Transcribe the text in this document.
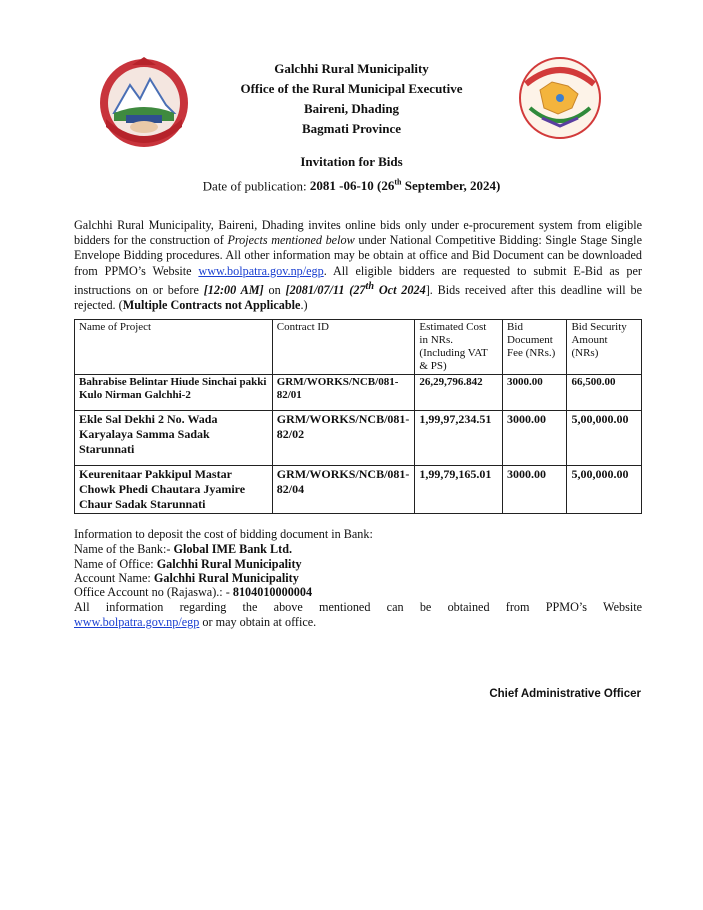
Galchhi Rural Municipality
Office of the Rural Municipal Executive
Baireni, Dhading
Bagmati Province
Invitation for Bids
Date of publication: 2081 -06-10 (26th September, 2024)
Galchhi Rural Municipality, Baireni, Dhading invites online bids only under e-procurement system from eligible bidders for the construction of Projects mentioned below under National Competitive Bidding: Single Stage Single Envelope Bidding procedures. All other information may be obtain at office and Bid Document can be downloaded from PPMO’s Website www.bolpatra.gov.np/egp. All eligible bidders are requested to submit E-Bid as per instructions on or before [12:00 AM] on [2081/07/11 (27th Oct 2024]. Bids received after this deadline will be rejected. (Multiple Contracts not Applicable.)
Name of Project	Contract ID	Estimated Cost in NRs. (Including VAT & PS)	Bid Document Fee (NRs.)	Bid Security Amount (NRs)
Bahrabise Belintar Hiude Sinchai pakki Kulo Nirman Galchhi-2	GRM/WORKS/NCB/081-82/01	26,29,796.842	3000.00	66,500.00
Ekle Sal Dekhi 2 No. Wada Karyalaya Samma Sadak Starunnati	GRM/WORKS/NCB/081-82/02	1,99,97,234.51	3000.00	5,00,000.00
Keurenitaar Pakkipul Mastar Chowk Phedi Chautara Jyamire Chaur Sadak Starunnati	GRM/WORKS/NCB/081-82/04	1,99,79,165.01	3000.00	5,00,000.00
Information to deposit the cost of bidding document in Bank:
Name of the Bank:- Global IME Bank Ltd.
Name of Office: Galchhi Rural Municipality
Account Name: Galchhi Rural Municipality
Office Account no (Rajaswa).: - 8104010000004
All information regarding the above mentioned can be obtained from PPMO’s Website
www.bolpatra.gov.np/egp or may obtain at office.
Chief Administrative Officer
